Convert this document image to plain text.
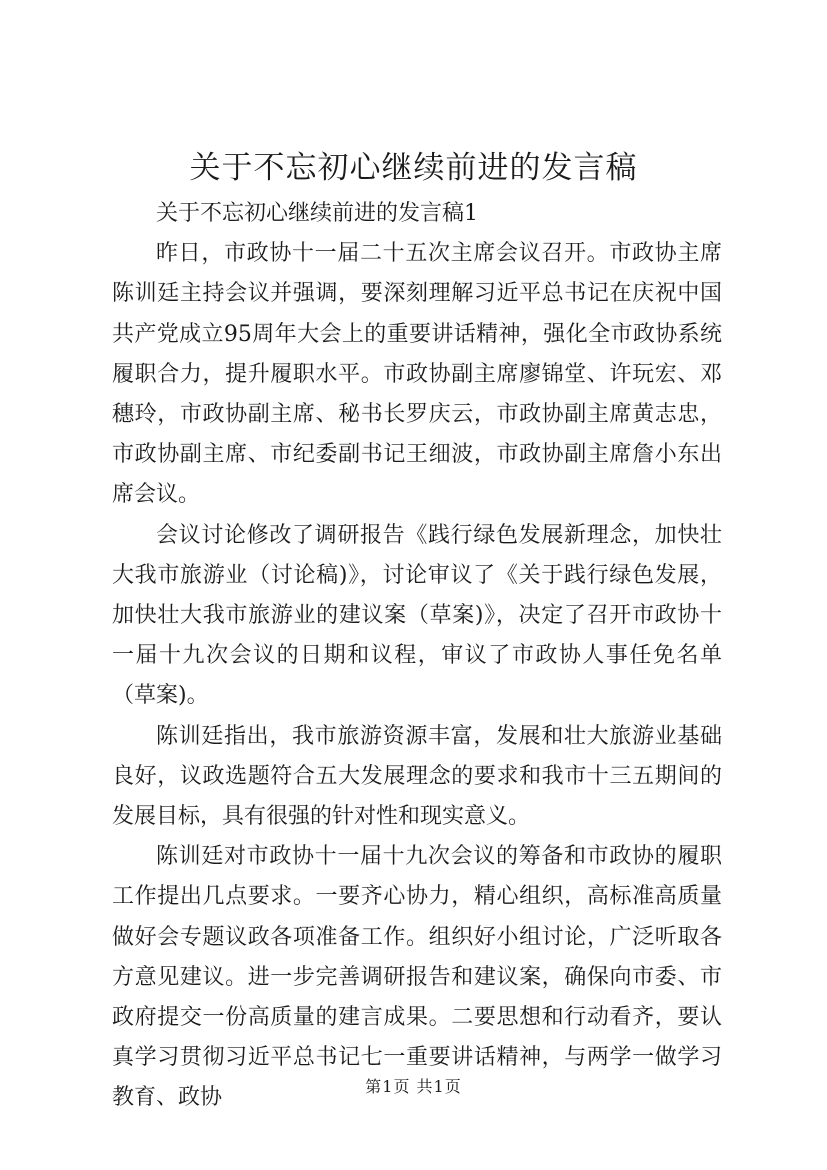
关于不忘初心继续前进的发言稿

关于不忘初心继续前进的发言稿1

昨日，市政协十一届二十五次主席会议召开。市政协主席陈训廷主持会议并强调，要深刻理解习近平总书记在庆祝中国共产党成立95周年大会上的重要讲话精神，强化全市政协系统履职合力，提升履职水平。市政协副主席廖锦堂、许玩宏、邓穗玲，市政协副主席、秘书长罗庆云，市政协副主席黄志忠，市政协副主席、市纪委副书记王细波，市政协副主席詹小东出席会议。

会议讨论修改了调研报告《践行绿色发展新理念，加快壮大我市旅游业（讨论稿)》，讨论审议了《关于践行绿色发展，加快壮大我市旅游业的建议案（草案)》，决定了召开市政协十一届十九次会议的日期和议程，审议了市政协人事任免名单（草案)。

陈训廷指出，我市旅游资源丰富，发展和壮大旅游业基础良好，议政选题符合五大发展理念的要求和我市十三五期间的发展目标，具有很强的针对性和现实意义。

陈训廷对市政协十一届十九次会议的筹备和市政协的履职工作提出几点要求。一要齐心协力，精心组织，高标准高质量做好会专题议政各项准备工作。组织好小组讨论，广泛听取各方意见建议。进一步完善调研报告和建议案，确保向市委、市政府提交一份高质量的建言成果。二要思想和行动看齐，要认真学习贯彻习近平总书记七一重要讲话精神，与两学一做学习教育、政协	第1页 共1页
